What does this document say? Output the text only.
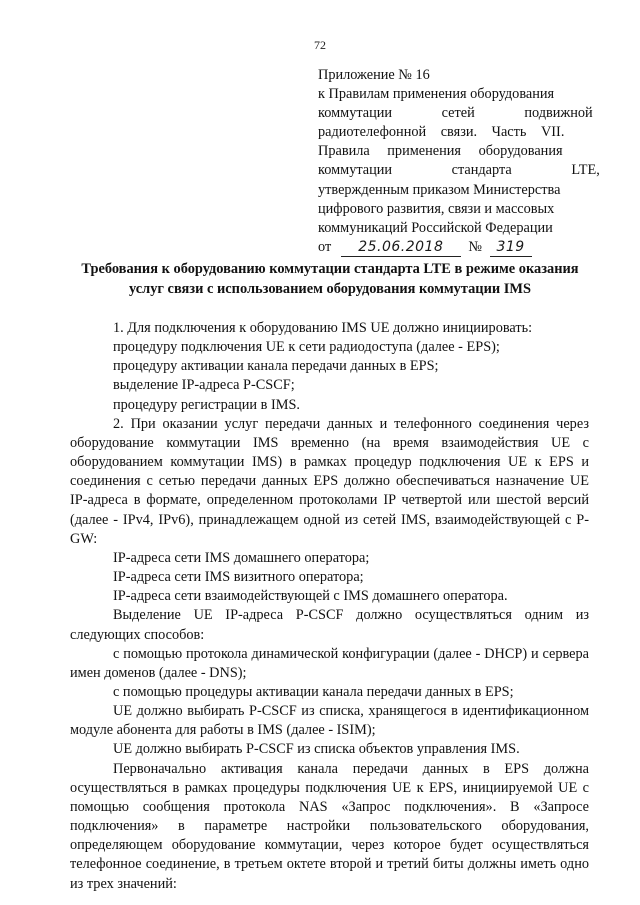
72
Приложение № 16
к Правилам применения оборудования
коммутации сетей подвижной
радиотелефонной связи. Часть VII.
Правила применения оборудования
коммутации стандарта LTE,
утвержденным приказом Министерства
цифрового развития, связи и массовых
коммуникаций Российской Федерации
от 25.06.2018 № 319
Требования к оборудованию коммутации стандарта LTE в режиме оказания услуг связи с использованием оборудования коммутации IMS

1. Для подключения к оборудованию IMS UE должно инициировать:

процедуру подключения UE к сети радиодоступа (далее - EPS);

процедуру активации канала передачи данных в EPS;

выделение IP-адреса P-CSCF;

процедуру регистрации в IMS.

2. При оказании услуг передачи данных и телефонного соединения через оборудование коммутации IMS временно (на время взаимодействия UE с оборудованием коммутации IMS) в рамках процедур подключения UE к EPS и соединения с сетью передачи данных EPS должно обеспечиваться назначение UE IP-адреса в формате, определенном протоколами IP четвертой или шестой версий (далее - IPv4, IPv6), принадлежащем одной из сетей IMS, взаимодействующей с P-GW:

IP-адреса сети IMS домашнего оператора;

IP-адреса сети IMS визитного оператора;

IP-адреса сети взаимодействующей с IMS домашнего оператора.

Выделение UE IP-адреса P-CSCF должно осуществляться одним из следующих способов:

с помощью протокола динамической конфигурации (далее - DHCP) и сервера имен доменов (далее - DNS);

с помощью процедуры активации канала передачи данных в EPS;

UE должно выбирать P-CSCF из списка, хранящегося в идентификационном модуле абонента для работы в IMS (далее - ISIM);

UE должно выбирать P-CSCF из списка объектов управления IMS.

Первоначально активация канала передачи данных в EPS должна осуществляться в рамках процедуры подключения UE к EPS, инициируемой UE с помощью сообщения протокола NAS «Запрос подключения». В «Запросе подключения» в параметре настройки пользовательского оборудования, определяющем оборудование коммутации, через которое будет осуществляться телефонное соединение, в третьем октете второй и третий биты должны иметь одно из трех значений:
